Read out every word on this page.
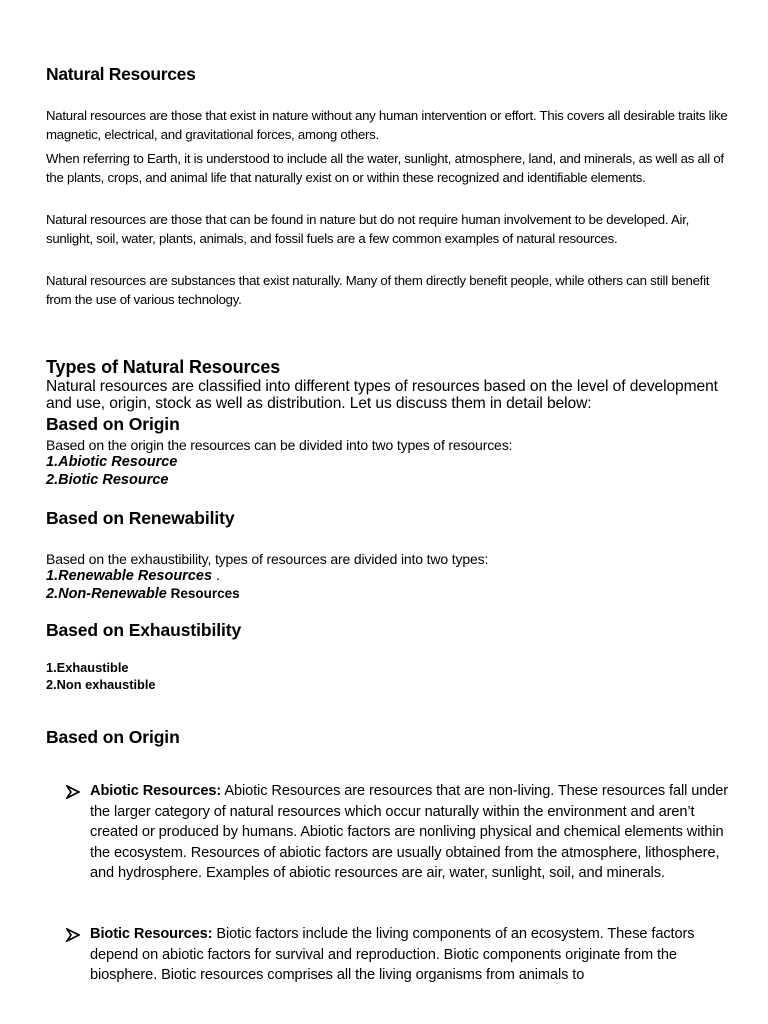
Natural Resources

Natural resources are those that exist in nature without any human intervention or effort. This covers all desirable traits like magnetic, electrical, and gravitational forces, among others.

When referring to Earth, it is understood to include all the water, sunlight, atmosphere, land, and minerals, as well as all of the plants, crops, and animal life that naturally exist on or within these recognized and identifiable elements.

Natural resources are those that can be found in nature but do not require human involvement to be developed. Air, sunlight, soil, water, plants, animals, and fossil fuels are a few common examples of natural resources.

Natural resources are substances that exist naturally. Many of them directly benefit people, while others can still benefit from the use of various technology.

Types of Natural Resources

Natural resources are classified into different types of resources based on the level of development and use, origin, stock as well as distribution. Let us discuss them in detail below:

Based on Origin

Based on the origin the resources can be divided into two types of resources:

1.Abiotic Resource
2.Biotic Resource
Based on Renewability

Based on the exhaustibility, types of resources are divided into two types:

1.Renewable Resources .
2.Non-Renewable Resources
Based on Exhaustibility
1.Exhaustible
2.Non exhaustible
Based on Origin

Abiotic Resources: Abiotic Resources are resources that are non-living. These resources fall under the larger category of natural resources which occur naturally within the environment and aren’t created or produced by humans. Abiotic factors are nonliving physical and chemical elements within the ecosystem. Resources of abiotic factors are usually obtained from the atmosphere, lithosphere, and hydrosphere. Examples of abiotic resources are air, water, sunlight, soil, and minerals.

Biotic Resources: Biotic factors include the living components of an ecosystem. These factors depend on abiotic factors for survival and reproduction. Biotic components originate from the biosphere. Biotic resources comprises all the living organisms from animals to
